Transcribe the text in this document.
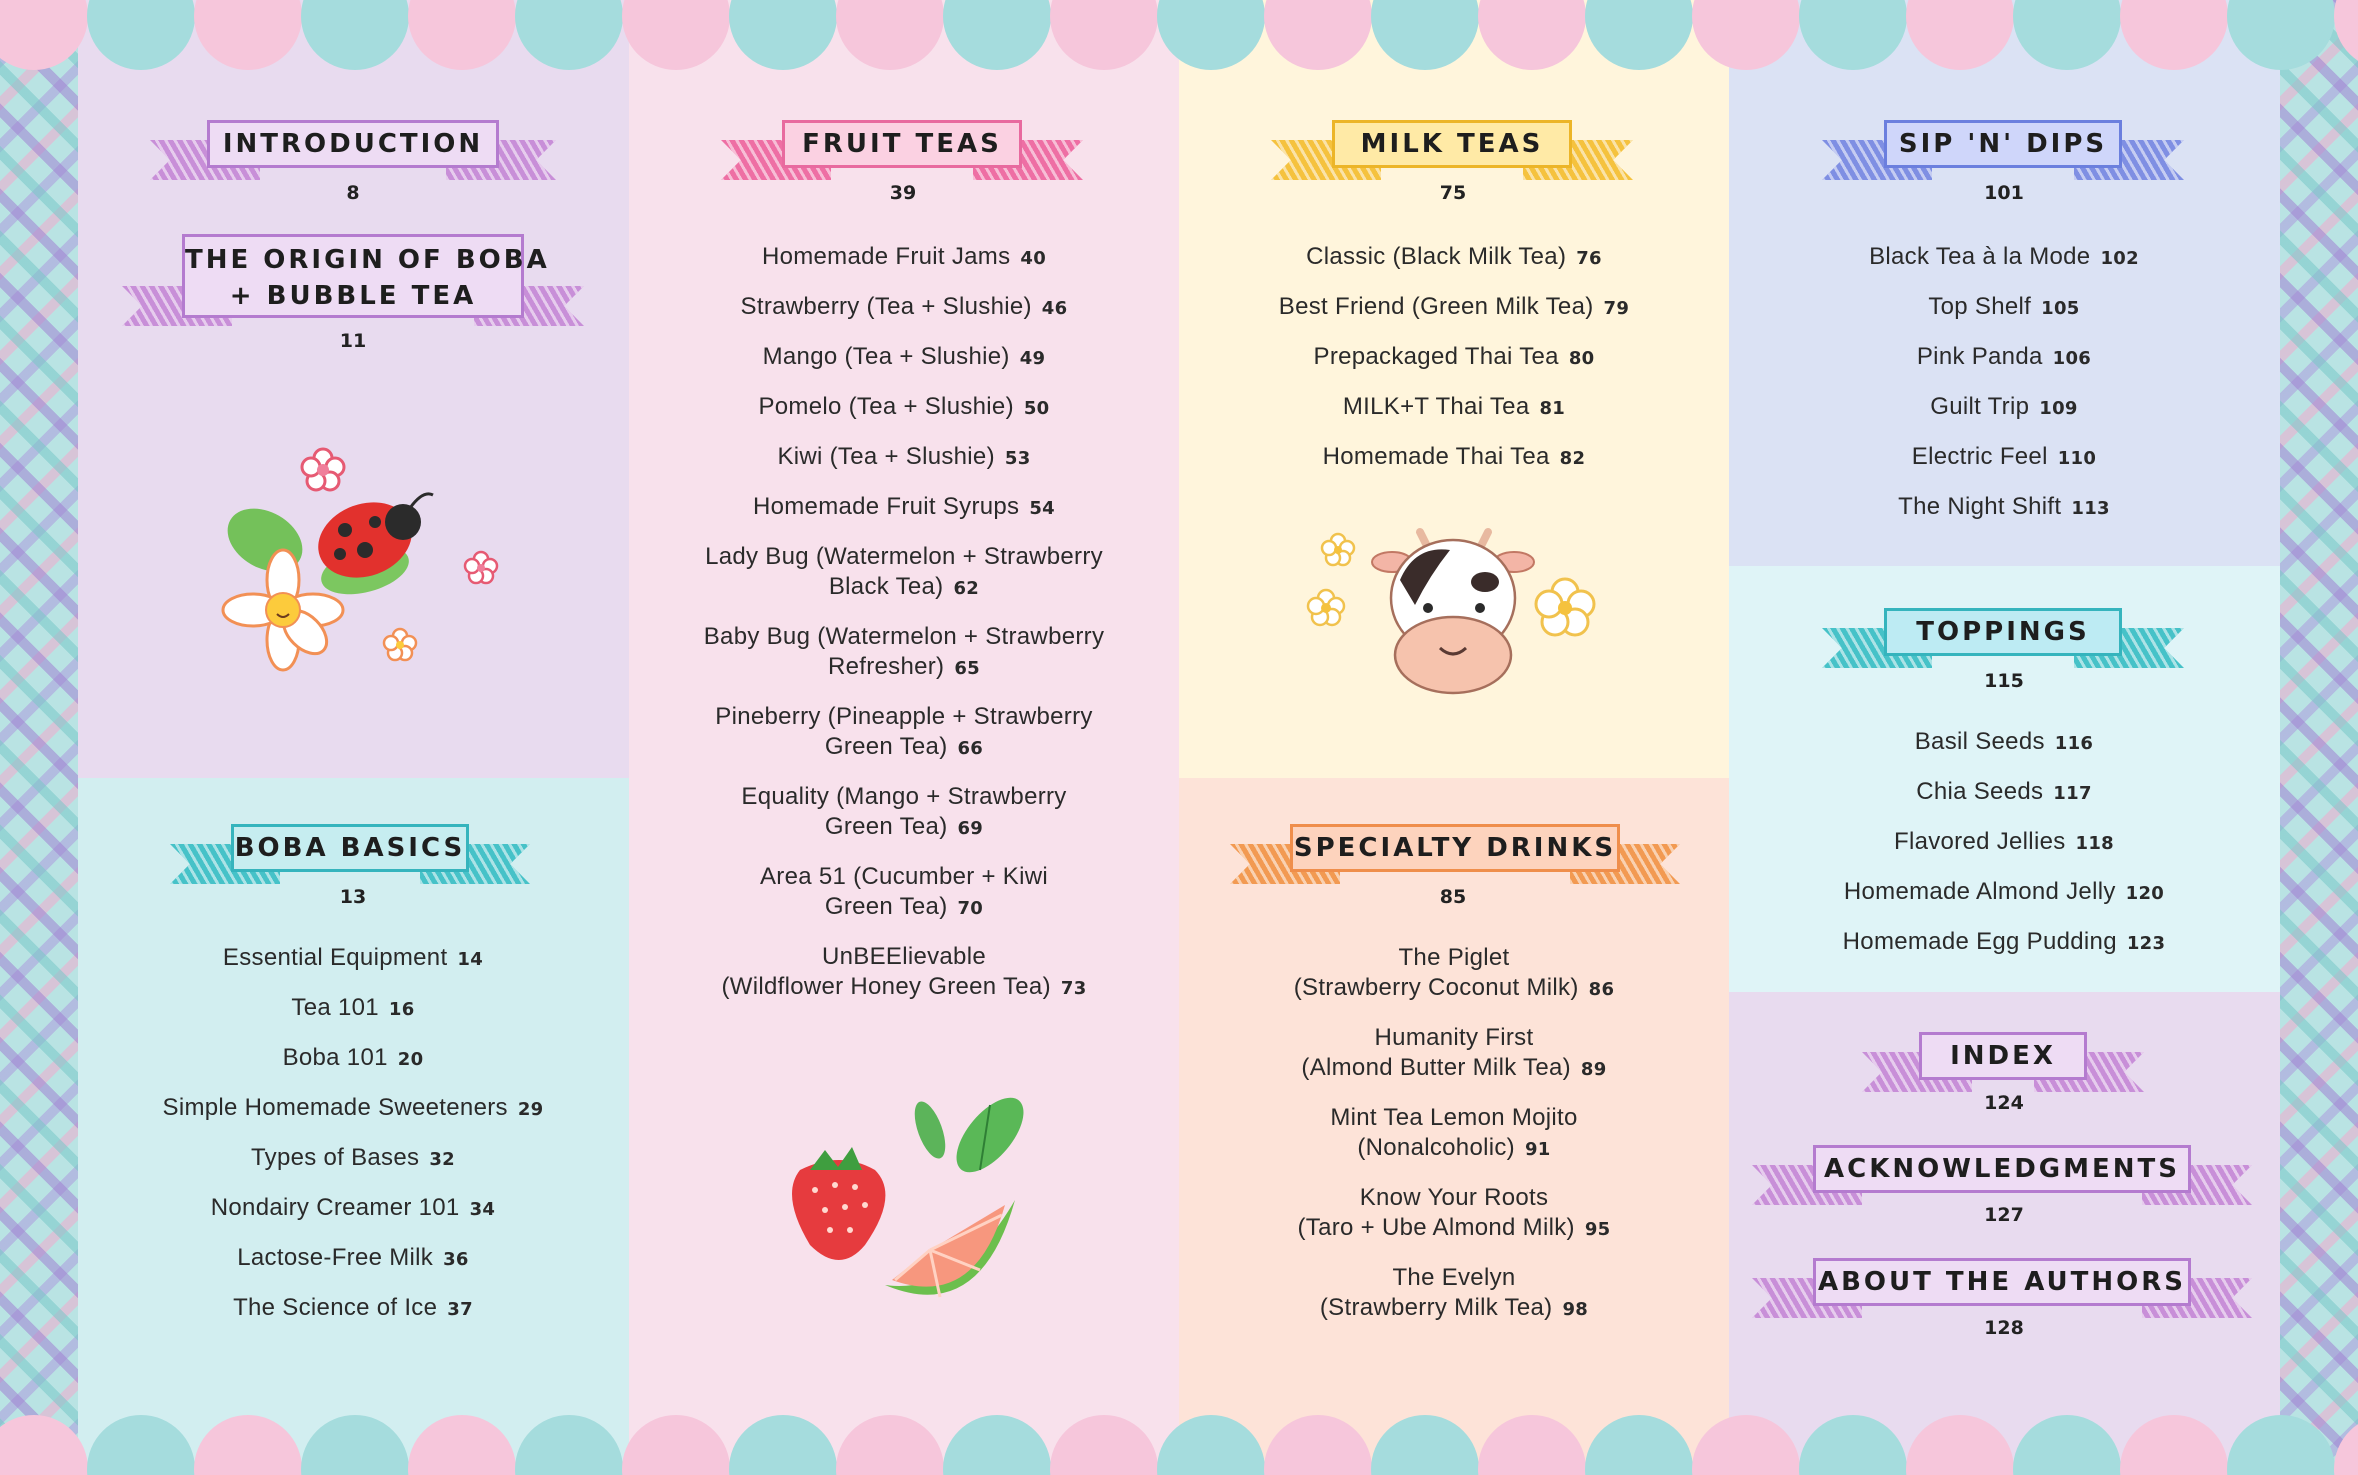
INTRODUCTION
8
THE ORIGIN OF BOBA
+ BUBBLE TEA
11
BOBA BASICS
13
Essential Equipment 14
Tea 101 16
Boba 101 20
Simple Homemade Sweeteners 29
Types of Bases 32
Nondairy Creamer 101 34
Lactose-Free Milk 36
The Science of Ice 37
FRUIT TEAS
39
Homemade Fruit Jams 40
Strawberry (Tea + Slushie) 46
Mango (Tea + Slushie) 49
Pomelo (Tea + Slushie) 50
Kiwi (Tea + Slushie) 53
Homemade Fruit Syrups 54
Lady Bug (Watermelon + Strawberry
Black Tea) 62
Baby Bug (Watermelon + Strawberry
Refresher) 65
Pineberry (Pineapple + Strawberry
Green Tea) 66
Equality (Mango + Strawberry
Green Tea) 69
Area 51 (Cucumber + Kiwi
Green Tea) 70
UnBEElievable
(Wildflower Honey Green Tea) 73
MILK TEAS
75
Classic (Black Milk Tea) 76
Best Friend (Green Milk Tea) 79
Prepackaged Thai Tea 80
MILK+T Thai Tea 81
Homemade Thai Tea 82
SPECIALTY DRINKS
85
The Piglet
(Strawberry Coconut Milk) 86
Humanity First
(Almond Butter Milk Tea) 89
Mint Tea Lemon Mojito
(Nonalcoholic) 91
Know Your Roots
(Taro + Ube Almond Milk) 95
The Evelyn
(Strawberry Milk Tea) 98
SIP 'N' DIPS
101
Black Tea à la Mode 102
Top Shelf 105
Pink Panda 106
Guilt Trip 109
Electric Feel 110
The Night Shift 113
TOPPINGS
115
Basil Seeds 116
Chia Seeds 117
Flavored Jellies 118
Homemade Almond Jelly 120
Homemade Egg Pudding 123
INDEX
124
ACKNOWLEDGMENTS
127
ABOUT THE AUTHORS
128
